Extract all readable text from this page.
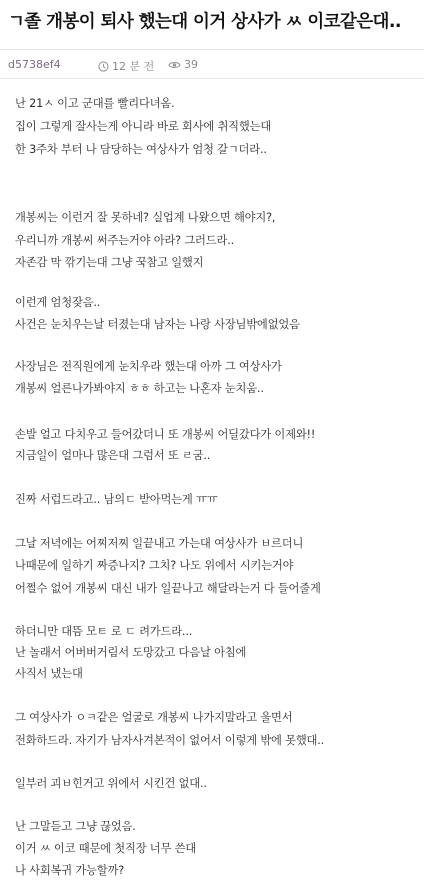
ㄱ졸 개봉이 퇴사 했는대 이거 상사가 ㅆ 이코같은대..
d5738ef4	12 분 전	39
난 21ㅅ 이고 군대를 빨리다녀옴.
집이 그렇게 잘사는게 아니라 바로 회사에 취직했는대
한 3주차 부터 나 담당하는 여상사가 엄청 갈ㄱ더라..
개봉씨는 이런거 잘 못하네? 실업계 나왔으면 해야지?,
우리니까 개봉씨 써주는거야 아라? 그러드라..
자존감 막 깎기는대 그냥 꾹참고 일했지
이런게 엄청잦음..
사건은 눈치우는날 터졌는대 남자는 나랑 사장님밖에없었음
사장님은 전직원에게 눈치우라 했는대 아까 그 여상사가
개봉씨 얼른나가봐야지 ㅎㅎ 하고는 나혼자 눈치움..
손발 얼고 다치우고 들어갔더니 또 개봉씨 어딜갔다가 이제와!!
지금일이 얼마나 많은대 그럼서 또 ㄹ굼..
진짜 서럽드라고.. 남의ㄷ 받아먹는게 ㅠㅠ
그날 저녁에는 어찌저찌 일끝내고 가는대 여상사가 ㅂ르더니
나때문에 일하기 짜증나지? 그치? 나도 위에서 시키는거야
어쩔수 없어 개봉씨 대신 내가 일끝나고 해달라는거 다 들어줄게
하더니만 대뜸 모ㅌ 로 ㄷ 려가드라...
난 놀래서 어버버거림서 도망갔고 다음날 아침에
사직서 냈는대
그 여상사가 ㅇㅋ같은 얼굴로 개봉씨 나가지말라고 울면서
전화하드라. 자기가 남자사겨본적이 없어서 이렇게 밖에 못했대..
일부러 괴ㅂ힌거고 위에서 시킨건 없대..
난 그말듣고 그냥 끊었음.
이거 ㅆ 이코 때문에 첫직장 너무 쓴대
나 사회복귀 가능할까?
